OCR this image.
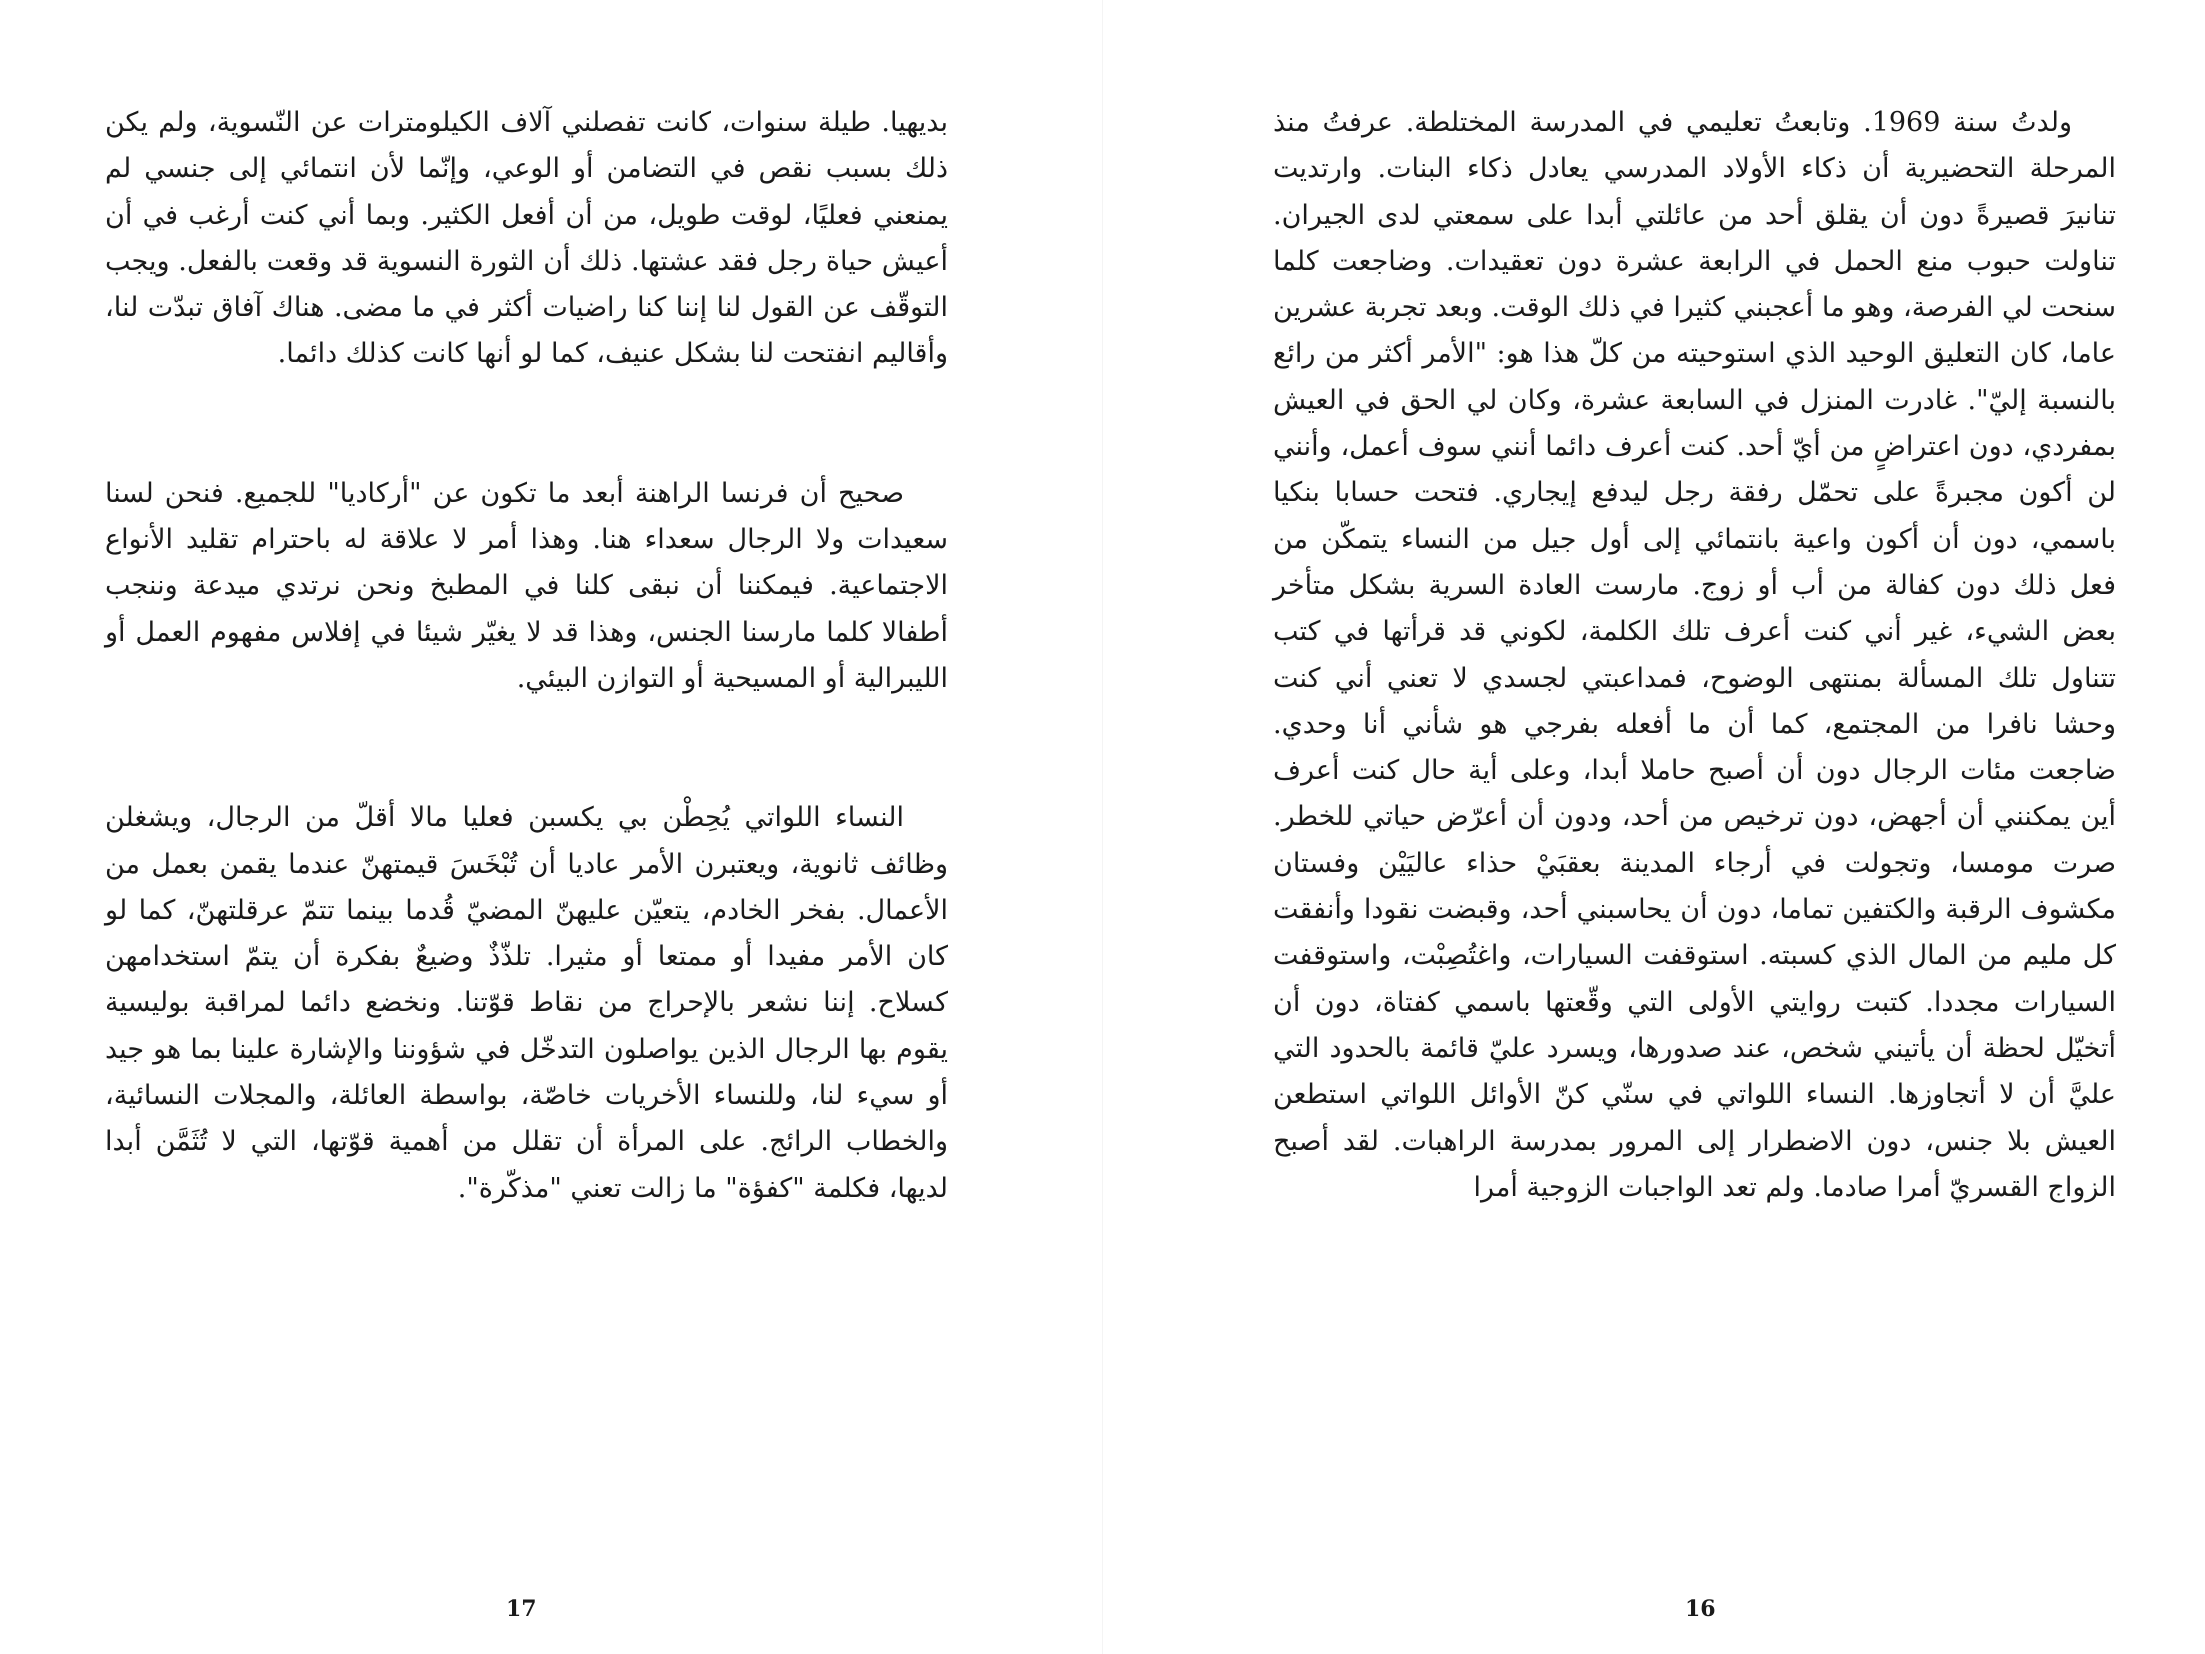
بديهيا. طيلة سنوات، كانت تفصلني آلاف الكيلومترات عن النّسوية، ولم يكن ذلك بسبب نقص في التضامن أو الوعي، وإنّما لأن انتمائي إلى جنسي لم يمنعني فعليًا، لوقت طويل، من أن أفعل الكثير. وبما أني كنت أرغب في أن أعيش حياة رجل فقد عشتها. ذلك أن الثورة النسوية قد وقعت بالفعل. ويجب التوقّف عن القول لنا إننا كنا راضيات أكثر في ما مضى. هناك آفاق تبدّت لنا، وأقاليم انفتحت لنا بشكل عنيف، كما لو أنها كانت كذلك دائما.

صحيح أن فرنسا الراهنة أبعد ما تكون عن "أركاديا" للجميع. فنحن لسنا سعيدات ولا الرجال سعداء هنا. وهذا أمر لا علاقة له باحترام تقليد الأنواع الاجتماعية. فيمكننا أن نبقى كلنا في المطبخ ونحن نرتدي ميدعة وننجب أطفالا كلما مارسنا الجنس، وهذا قد لا يغيّر شيئا في إفلاس مفهوم العمل أو الليبرالية أو المسيحية أو التوازن البيئي.

النساء اللواتي يُحِطْن بي يكسبن فعليا مالا أقلّ من الرجال، ويشغلن وظائف ثانوية، ويعتبرن الأمر عاديا أن تُبْخَسَ قيمتهنّ عندما يقمن بعمل من الأعمال. بفخر الخادم، يتعيّن عليهنّ المضيّ قُدما بينما تتمّ عرقلتهنّ، كما لو كان الأمر مفيدا أو ممتعا أو مثيرا. تلذّذٌ وضيعٌ بفكرة أن يتمّ استخدامهن كسلاح. إننا نشعر بالإحراج من نقاط قوّتنا. ونخضع دائما لمراقبة بوليسية يقوم بها الرجال الذين يواصلون التدخّل في شؤوننا والإشارة علينا بما هو جيد أو سيء لنا، وللنساء الأخريات خاصّة، بواسطة العائلة، والمجلات النسائية، والخطاب الرائج. على المرأة أن تقلل من أهمية قوّتها، التي لا تُثَمَّن أبدا لديها، فكلمة "كفؤة" ما زالت تعني "مذكّرة".

17

ولدتُ سنة 1969. وتابعتُ تعليمي في المدرسة المختلطة. عرفتُ منذ المرحلة التحضيرية أن ذكاء الأولاد المدرسي يعادل ذكاء البنات. وارتديت تنانيرَ قصيرةً دون أن يقلق أحد من عائلتي أبدا على سمعتي لدى الجيران. تناولت حبوب منع الحمل في الرابعة عشرة دون تعقيدات. وضاجعت كلما سنحت لي الفرصة، وهو ما أعجبني كثيرا في ذلك الوقت. وبعد تجربة عشرين عاما، كان التعليق الوحيد الذي استوحيته من كلّ هذا هو: "الأمر أكثر من رائع بالنسبة إليّ". غادرت المنزل في السابعة عشرة، وكان لي الحق في العيش بمفردي، دون اعتراضٍ من أيّ أحد. كنت أعرف دائما أنني سوف أعمل، وأنني لن أكون مجبرةً على تحمّل رفقة رجل ليدفع إيجاري. فتحت حسابا بنكيا باسمي، دون أن أكون واعية بانتمائي إلى أول جيل من النساء يتمكّن من فعل ذلك دون كفالة من أب أو زوج. مارست العادة السرية بشكل متأخر بعض الشيء، غير أني كنت أعرف تلك الكلمة، لكوني قد قرأتها في كتب تتناول تلك المسألة بمنتهى الوضوح، فمداعبتي لجسدي لا تعني أني كنت وحشا نافرا من المجتمع، كما أن ما أفعله بفرجي هو شأني أنا وحدي. ضاجعت مئات الرجال دون أن أصبح حاملا أبدا، وعلى أية حال كنت أعرف أين يمكنني أن أجهض، دون ترخيص من أحد، ودون أن أعرّض حياتي للخطر. صرت مومسا، وتجولت في أرجاء المدينة بعقبَيْ حذاء عاليَيْن وفستان مكشوف الرقبة والكتفين تماما، دون أن يحاسبني أحد، وقبضت نقودا وأنفقت كل مليم من المال الذي كسبته. استوقفت السيارات، واغتُصِبْت، واستوقفت السيارات مجددا. كتبت روايتي الأولى التي وقّعتها باسمي كفتاة، دون أن أتخيّل لحظة أن يأتيني شخص، عند صدورها، ويسرد عليّ قائمة بالحدود التي عليَّ أن لا أتجاوزها. النساء اللواتي في سنّي كنّ الأوائل اللواتي استطعن العيش بلا جنس، دون الاضطرار إلى المرور بمدرسة الراهبات. لقد أصبح الزواج القسريّ أمرا صادما. ولم تعد الواجبات الزوجية أمرا

16
